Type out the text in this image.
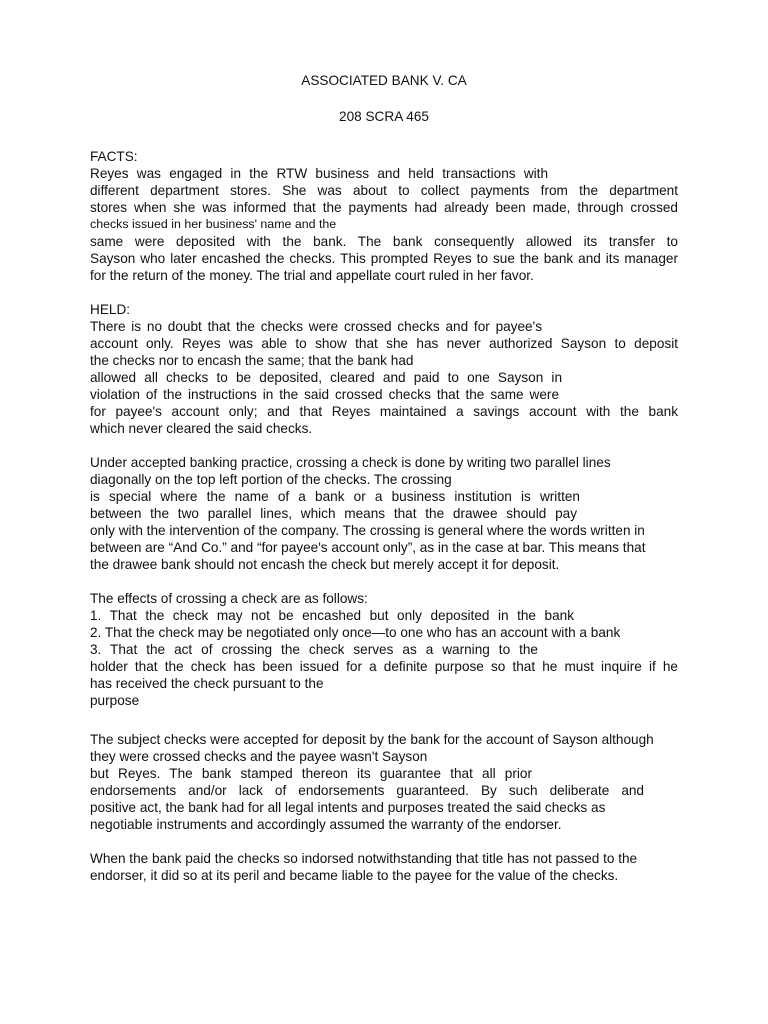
ASSOCIATED BANK V. CA
208 SCRA 465
FACTS:
Reyes was engaged in the RTW business and held transactions with
different department stores. She was about to collect payments from the department
stores when she was informed that the payments had already been made, through crossed
checks issued in her business' name and the
same were deposited with the bank. The bank consequently allowed its transfer to
Sayson who later encashed the checks. This prompted Reyes to sue the bank and its manager
for the return of the money. The trial and appellate court ruled in her favor.
HELD:
There is no doubt that the checks were crossed checks and for payee's
account only. Reyes was able to show that she has never authorized Sayson to deposit
the checks nor to encash the same; that the bank had
allowed all checks to be deposited, cleared and paid to one Sayson in
violation of the instructions in the said crossed checks that the same were
for payee's account only; and that Reyes maintained a savings account with the bank
which never cleared the said checks.
Under accepted banking practice, crossing a check is done by writing two parallel lines
diagonally on the top left portion of the checks. The crossing
is special where the name of a bank or a business institution is written
between the two parallel lines, which means that the drawee should pay
only with the intervention of the company. The crossing is general where the words written in
between are “And Co.” and “for payee's account only”, as in the case at bar. This means that
the drawee bank should not encash the check but merely accept it for deposit.
The effects of crossing a check are as follows:
1. That the check may not be encashed but only deposited in the bank
2. That the check may be negotiated only once—to one who has an account with a bank
3. That the act of crossing the check serves as a warning to the
holder that the check has been issued for a definite purpose so that he must inquire if he
has received the check pursuant to the
purpose
The subject checks were accepted for deposit by the bank for the account of Sayson although
they were crossed checks and the payee wasn't Sayson
but Reyes. The bank stamped thereon its guarantee that all prior
endorsements and/or lack of endorsements guaranteed. By such deliberate and
positive act, the bank had for all legal intents and purposes treated the said checks as
negotiable instruments and accordingly assumed the warranty of the endorser.
When the bank paid the checks so indorsed notwithstanding that title has not passed to the
endorser, it did so at its peril and became liable to the payee for the value of the checks.
